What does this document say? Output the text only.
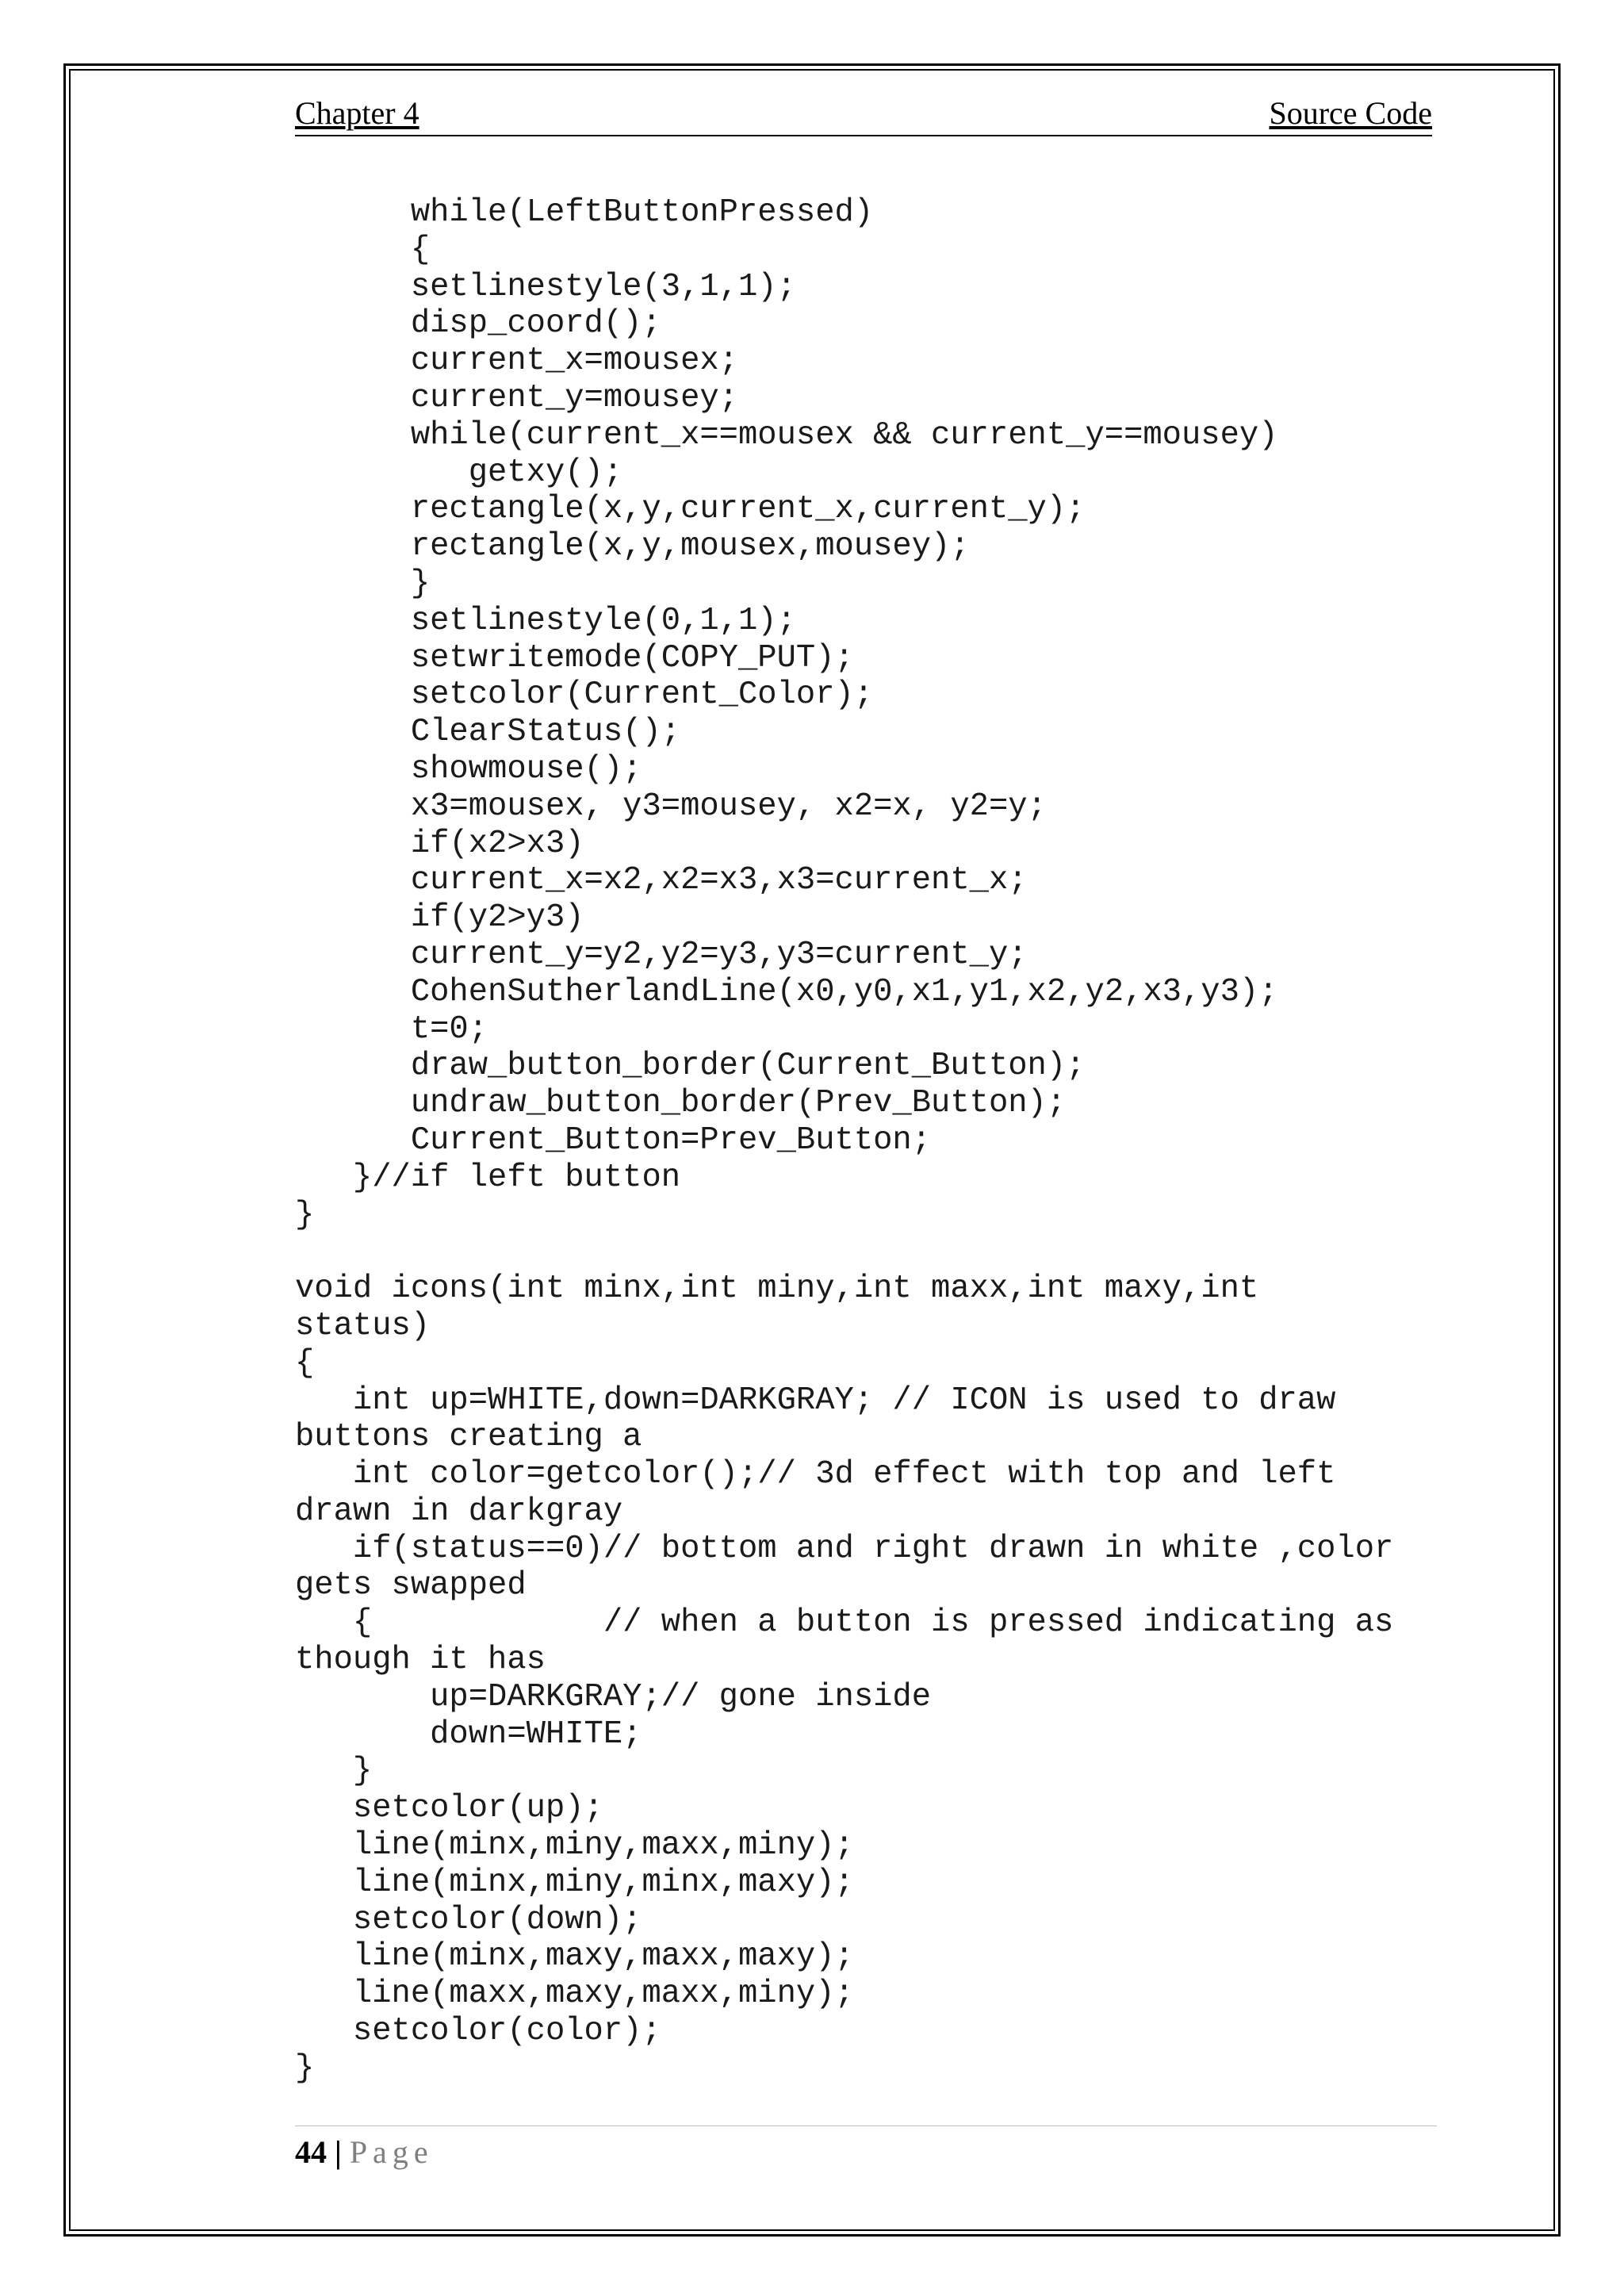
Chapter 4	Source Code
while(LeftButtonPressed)
{
setlinestyle(3,1,1);
disp_coord();
current_x=mousex;
current_y=mousey;
while(current_x==mousex && current_y==mousey)
getxy();
rectangle(x,y,current_x,current_y);
rectangle(x,y,mousex,mousey);
}
setlinestyle(0,1,1);
setwritemode(COPY_PUT);
setcolor(Current_Color);
ClearStatus();
showmouse();
x3=mousex, y3=mousey, x2=x, y2=y;
if(x2>x3)
current_x=x2,x2=x3,x3=current_x;
if(y2>y3)
current_y=y2,y2=y3,y3=current_y;
CohenSutherlandLine(x0,y0,x1,y1,x2,y2,x3,y3);
t=0;
draw_button_border(Current_Button);
undraw_button_border(Prev_Button);
Current_Button=Prev_Button;
}//if left button
}

void icons(int minx,int miny,int maxx,int maxy,int
status)
{
int up=WHITE,down=DARKGRAY; // ICON is used to draw
buttons creating a
int color=getcolor();// 3d effect with top and left
drawn in darkgray
if(status==0)// bottom and right drawn in white ,color
gets swapped
{            // when a button is pressed indicating as
though it has
up=DARKGRAY;// gone inside
down=WHITE;
}
setcolor(up);
line(minx,miny,maxx,miny);
line(minx,miny,minx,maxy);
setcolor(down);
line(minx,maxy,maxx,maxy);
line(maxx,maxy,maxx,miny);
setcolor(color);
}
44 | Page
